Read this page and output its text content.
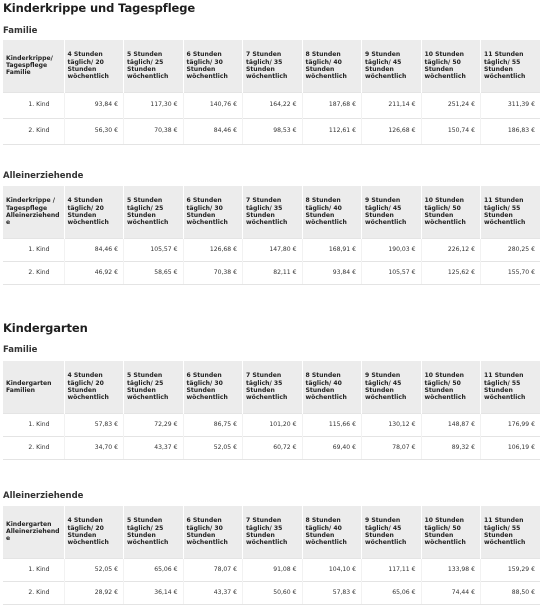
Kinderkrippe und Tagespflege
Familie
Kinderkrippe/ Tagespflege Familie	4 Stunden täglich/ 20 Stunden wöchentlich	5 Stunden täglich/ 25 Stunden wöchentlich	6 Stunden täglich/ 30 Stunden wöchentlich	7 Stunden täglich/ 35 Stunden wöchentlich	8 Stunden täglich/ 40 Stunden wöchentlich	9 Stunden täglich/ 45 Stunden wöchentlich	10 Stunden täglich/ 50 Stunden wöchentlich	11 Stunden täglich/ 55 Stunden wöchentlich
1. Kind	93,84 €	117,30 €	140,76 €	164,22 €	187,68 €	211,14 €	251,24 €	311,39 €
2. Kind	56,30 €	70,38 €	84,46 €	98,53 €	112,61 €	126,68 €	150,74 €	186,83 €
Alleinerziehende
Kinderkrippe / Tagespflege Alleinerziehende	4 Stunden täglich/ 20 Stunden wöchentlich	5 Stunden täglich/ 25 Stunden wöchentlich	6 Stunden täglich/ 30 Stunden wöchentlich	7 Stunden täglich/ 35 Stunden wöchentlich	8 Stunden täglich/ 40 Stunden wöchentlich	9 Stunden täglich/ 45 Stunden wöchentlich	10 Stunden täglich/ 50 Stunden wöchentlich	11 Stunden täglich/ 55 Stunden wöchentlich
1. Kind	84,46 €	105,57 €	126,68 €	147,80 €	168,91 €	190,03 €	226,12 €	280,25 €
2. Kind	46,92 €	58,65 €	70,38 €	82,11 €	93,84 €	105,57 €	125,62 €	155,70 €
Kindergarten
Familie
Kindergarten Familien	4 Stunden täglich/ 20 Stunden wöchentlich	5 Stunden täglich/ 25 Stunden wöchentlich	6 Stunden täglich/ 30 Stunden wöchentlich	7 Stunden täglich/ 35 Stunden wöchentlich	8 Stunden täglich/ 40 Stunden wöchentlich	9 Stunden täglich/ 45 Stunden wöchentlich	10 Stunden täglich/ 50 Stunden wöchentlich	11 Stunden täglich/ 55 Stunden wöchentlich
1. Kind	57,83 €	72,29 €	86,75 €	101,20 €	115,66 €	130,12 €	148,87 €	176,99 €
2. Kind	34,70 €	43,37 €	52,05 €	60,72 €	69,40 €	78,07 €	89,32 €	106,19 €
Alleinerziehende
Kindergarten Alleinerziehende	4 Stunden täglich/ 20 Stunden wöchentlich	5 Stunden täglich/ 25 Stunden wöchentlich	6 Stunden täglich/ 30 Stunden wöchentlich	7 Stunden täglich/ 35 Stunden wöchentlich	8 Stunden täglich/ 40 Stunden wöchentlich	9 Stunden täglich/ 45 Stunden wöchentlich	10 Stunden täglich/ 50 Stunden wöchentlich	11 Stunden täglich/ 55 Stunden wöchentlich
1. Kind	52,05 €	65,06 €	78,07 €	91,08 €	104,10 €	117,11 €	133,98 €	159,29 €
2. Kind	28,92 €	36,14 €	43,37 €	50,60 €	57,83 €	65,06 €	74,44 €	88,50 €
